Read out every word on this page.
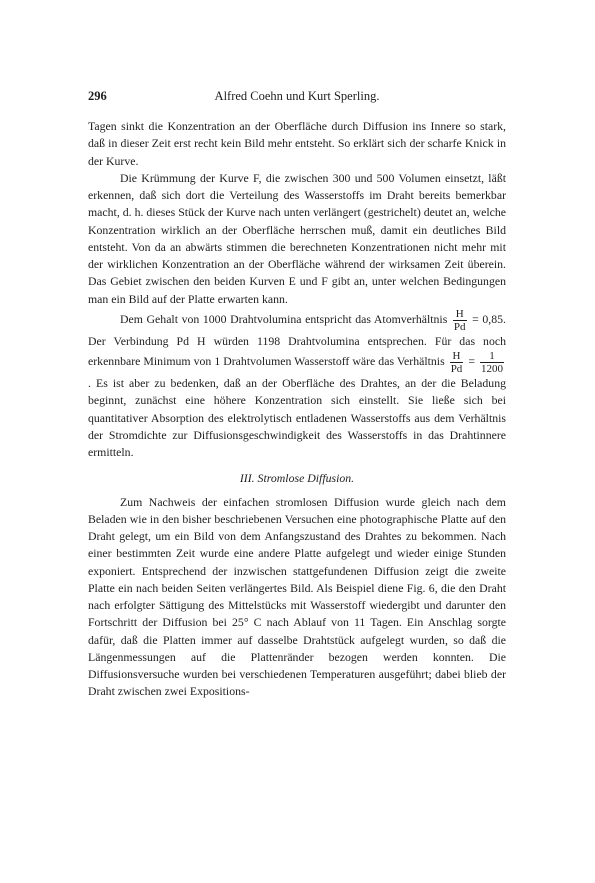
296	Alfred Coehn und Kurt Sperling.

Tagen sinkt die Konzentration an der Oberfläche durch Diffusion ins Innere so stark, daß in dieser Zeit erst recht kein Bild mehr entsteht. So erklärt sich der scharfe Knick in der Kurve.

Die Krümmung der Kurve F, die zwischen 300 und 500 Volumen einsetzt, läßt erkennen, daß sich dort die Verteilung des Wasserstoffs im Draht bereits bemerkbar macht, d. h. dieses Stück der Kurve nach unten verlängert (gestrichelt) deutet an, welche Konzentration wirklich an der Oberfläche herrschen muß, damit ein deutliches Bild entsteht. Von da an abwärts stimmen die berechneten Konzentrationen nicht mehr mit der wirklichen Konzentration an der Oberfläche während der wirksamen Zeit überein. Das Gebiet zwischen den beiden Kurven E und F gibt an, unter welchen Bedingungen man ein Bild auf der Platte erwarten kann.

Dem Gehalt von 1000 Drahtvolumina entspricht das Atomverhältnis $\frac{H}{Pd} = 0,85$. Der Verbindung Pd H würden 1198 Drahtvolumina entsprechen. Für das noch erkennbare Minimum von 1 Drahtvolumen Wasserstoff wäre das Verhältnis $\frac{H}{Pd} = \frac{1}{1200}$
. Es ist aber zu bedenken, daß an der Oberfläche des Drahtes, an der die Beladung beginnt, zunächst eine höhere Konzentration sich einstellt. Sie ließe sich bei quantitativer Absorption des elektrolytisch entladenen Wasserstoffs aus dem Verhältnis der Stromdichte zur Diffusionsgeschwindigkeit des Wasserstoffs in das Drahtinnere ermitteln.

III. Stromlose Diffusion.

Zum Nachweis der einfachen stromlosen Diffusion wurde gleich nach dem Beladen wie in den bisher beschriebenen Versuchen eine photographische Platte auf den Draht gelegt, um ein Bild von dem Anfangszustand des Drahtes zu bekommen. Nach einer bestimmten Zeit wurde eine andere Platte aufgelegt und wieder einige Stunden exponiert. Entsprechend der inzwischen stattgefundenen Diffusion zeigt die zweite Platte ein nach beiden Seiten verlängertes Bild. Als Beispiel diene Fig. 6, die den Draht nach erfolgter Sättigung des Mittelstücks mit Wasserstoff wiedergibt und darunter den Fortschritt der Diffusion bei 25° C nach Ablauf von 11 Tagen. Ein Anschlag sorgte dafür, daß die Platten immer auf dasselbe Drahtstück aufgelegt wurden, so daß die Längenmessungen auf die Plattenränder bezogen werden konnten. Die Diffusionsversuche wurden bei verschiedenen Temperaturen ausgeführt; dabei blieb der Draht zwischen zwei Expositions-
